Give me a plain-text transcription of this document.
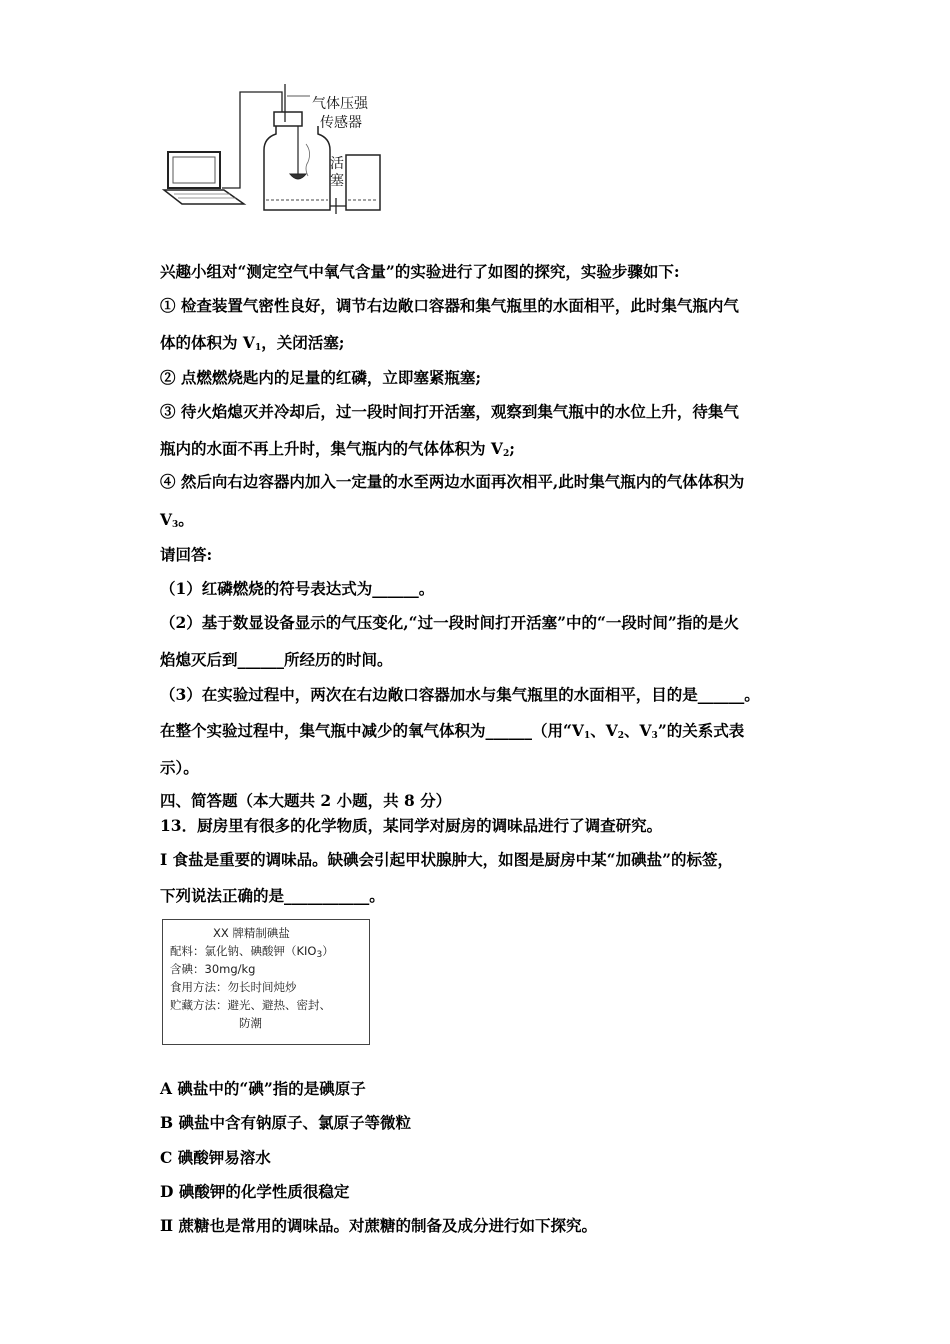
气体压强
传感器
活
塞
兴趣小组对“测定空气中氧气含量”的实验进行了如图的探究，实验步骤如下:
① 检查装置气密性良好，调节右边敞口容器和集气瓶里的水面相平，此时集气瓶内气
体的体积为 $V_1$，关闭活塞;
② 点燃燃烧匙内的足量的红磷，立即塞紧瓶塞;
③ 待火焰熄灭并冷却后，过一段时间打开活塞，观察到集气瓶中的水位上升，待集气
瓶内的水面不再上升时，集气瓶内的气体体积为 $V_2$;
④ 然后向右边容器内加入一定量的水至两边水面再次相平,此时集气瓶内的气体体积为
$V_3$。
请回答:
（1）红磷燃烧的符号表达式为______。
（2）基于数显设备显示的气压变化,“过一段时间打开活塞”中的“一段时间”指的是火
焰熄灭后到______所经历的时间。
（3）在实验过程中，两次在右边敞口容器加水与集气瓶里的水面相平，目的是______。
在整个实验过程中，集气瓶中减少的氧气体积为______（用“$V_1$、$V_2$、$V_3$”的关系式表
示）。
四、简答题（本大题共 2 小题，共 8 分）
13．厨房里有很多的化学物质，某同学对厨房的调味品进行了调查研究。
Ⅰ 食盐是重要的调味品。缺碘会引起甲状腺肿大，如图是厨房中某“加碘盐”的标签，
下列说法正确的是___________。
XX 牌精制碘盐
配料：氯化钠、碘酸钾$(KIO_3)$
含碘：30mg/kg
食用方法：勿长时间炖炒
贮藏方法：避光、避热、密封、
防潮
A 碘盐中的“碘”指的是碘原子
B 碘盐中含有钠原子、氯原子等微粒
C 碘酸钾易溶水
D 碘酸钾的化学性质很稳定
Ⅱ 蔗糖也是常用的调味品。对蔗糖的制备及成分进行如下探究。
